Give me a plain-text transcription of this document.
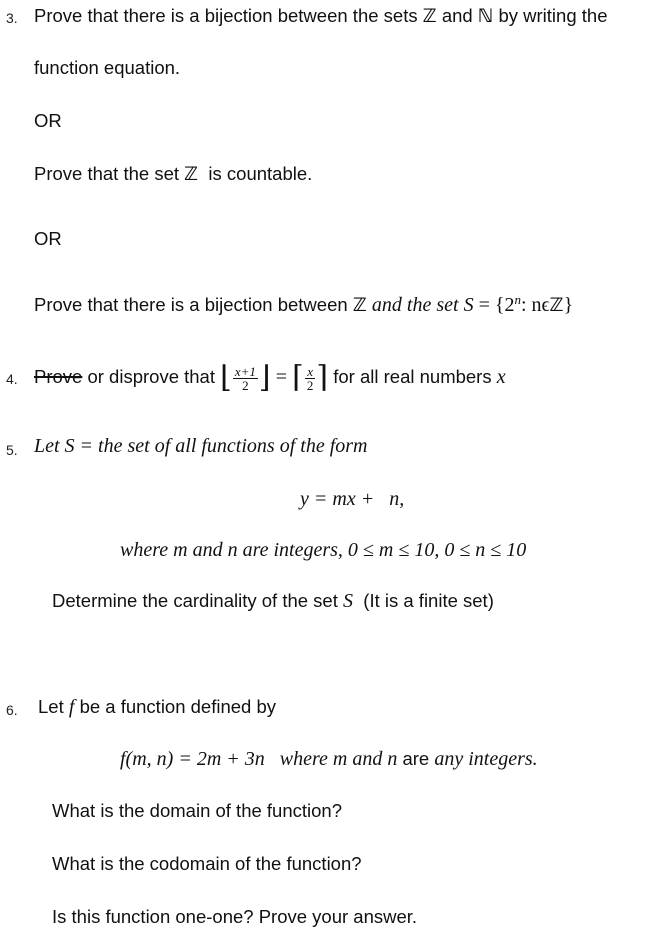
3. Prove that there is a bijection between the sets ℤ and ℕ by writing the
function equation.
OR
Prove that the set ℤ is countable.
OR
Prove that there is a bijection between ℤ and the set $S = \{2^n$: nϵℤ}
4. Prove or disprove that ⌊ $\frac{x+1}{2}$ ⌋ = ⌈ $\frac{x}{2}$ ⌉ for all real numbers x
5. Let S = the set of all functions of the form
y = mx +   n,
where m and n are integers, 0 ≤ m ≤ 10, 0 ≤ n ≤ 10
Determine the cardinality of the set S (It is a finite set)
6. Let f be a function defined by
f(m, n) = 2m + 3n   where m and n are any integers.
What is the domain of the function?
What is the codomain of the function?
Is this function one-one? Prove your answer.
